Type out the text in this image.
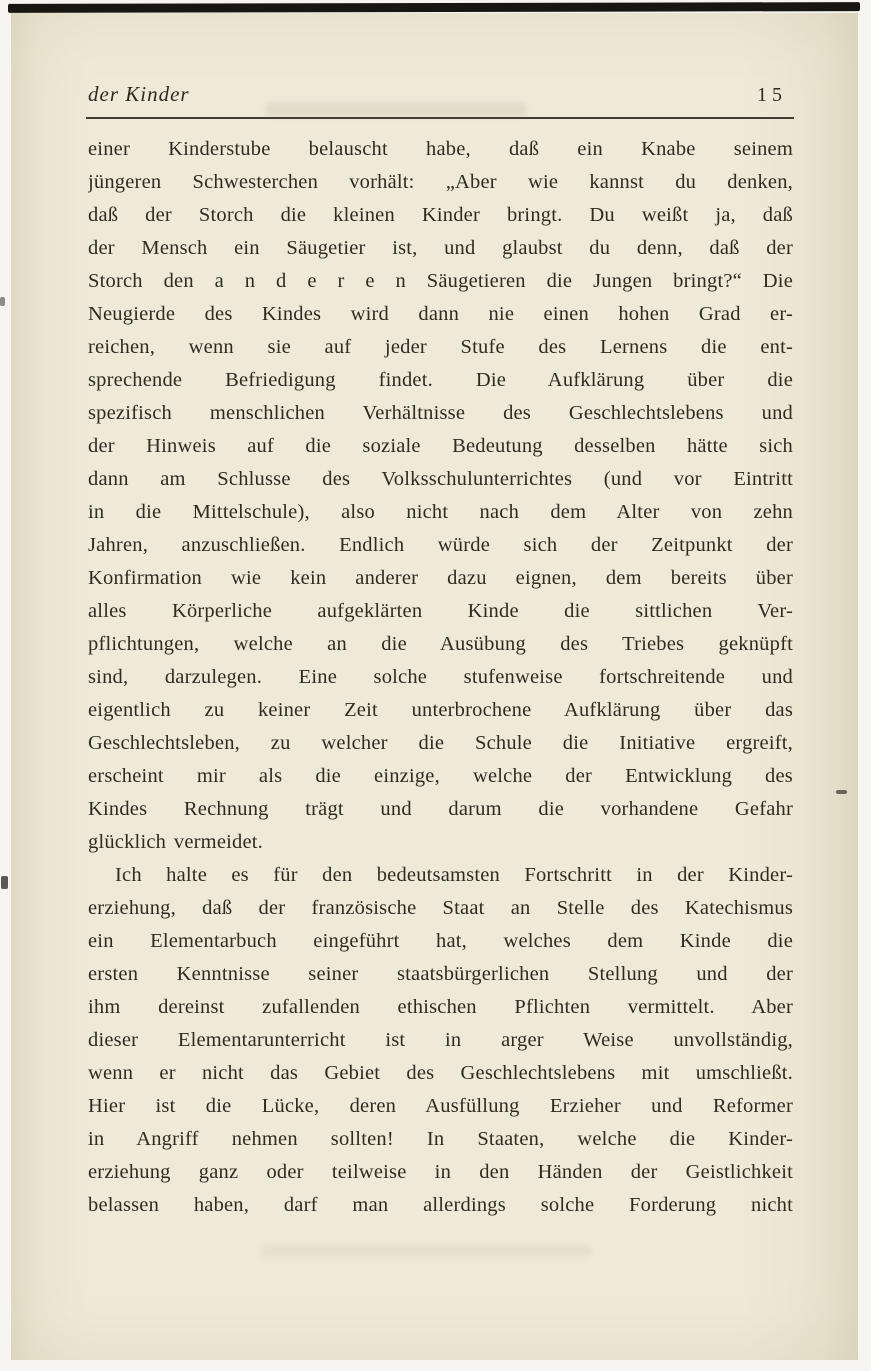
der Kinder	15
einer Kinderstube belauscht habe, daß ein Knabe seinem
jüngeren Schwesterchen vorhält: „Aber wie kannst du denken,
daß der Storch die kleinen Kinder bringt. Du weißt ja, daß
der Mensch ein Säugetier ist, und glaubst du denn, daß der
Storch den a n d e r e n Säugetieren die Jungen bringt?“ Die
Neugierde des Kindes wird dann nie einen hohen Grad er-
reichen, wenn sie auf jeder Stufe des Lernens die ent-
sprechende Befriedigung findet. Die Aufklärung über die
spezifisch menschlichen Verhältnisse des Geschlechtslebens und
der Hinweis auf die soziale Bedeutung desselben hätte sich
dann am Schlusse des Volksschulunterrichtes (und vor Eintritt
in die Mittelschule), also nicht nach dem Alter von zehn
Jahren, anzuschließen. Endlich würde sich der Zeitpunkt der
Konfirmation wie kein anderer dazu eignen, dem bereits über
alles Körperliche aufgeklärten Kinde die sittlichen Ver-
pflichtungen, welche an die Ausübung des Triebes geknüpft
sind, darzulegen. Eine solche stufenweise fortschreitende und
eigentlich zu keiner Zeit unterbrochene Aufklärung über das
Geschlechtsleben, zu welcher die Schule die Initiative ergreift,
erscheint mir als die einzige, welche der Entwicklung des
Kindes Rechnung trägt und darum die vorhandene Gefahr
glücklich vermeidet.
Ich halte es für den bedeutsamsten Fortschritt in der Kinder-
erziehung, daß der französische Staat an Stelle des Katechismus
ein Elementarbuch eingeführt hat, welches dem Kinde die
ersten Kenntnisse seiner staatsbürgerlichen Stellung und der
ihm dereinst zufallenden ethischen Pflichten vermittelt. Aber
dieser Elementarunterricht ist in arger Weise unvollständig,
wenn er nicht das Gebiet des Geschlechtslebens mit umschließt.
Hier ist die Lücke, deren Ausfüllung Erzieher und Reformer
in Angriff nehmen sollten! In Staaten, welche die Kinder-
erziehung ganz oder teilweise in den Händen der Geistlichkeit
belassen haben, darf man allerdings solche Forderung nicht
